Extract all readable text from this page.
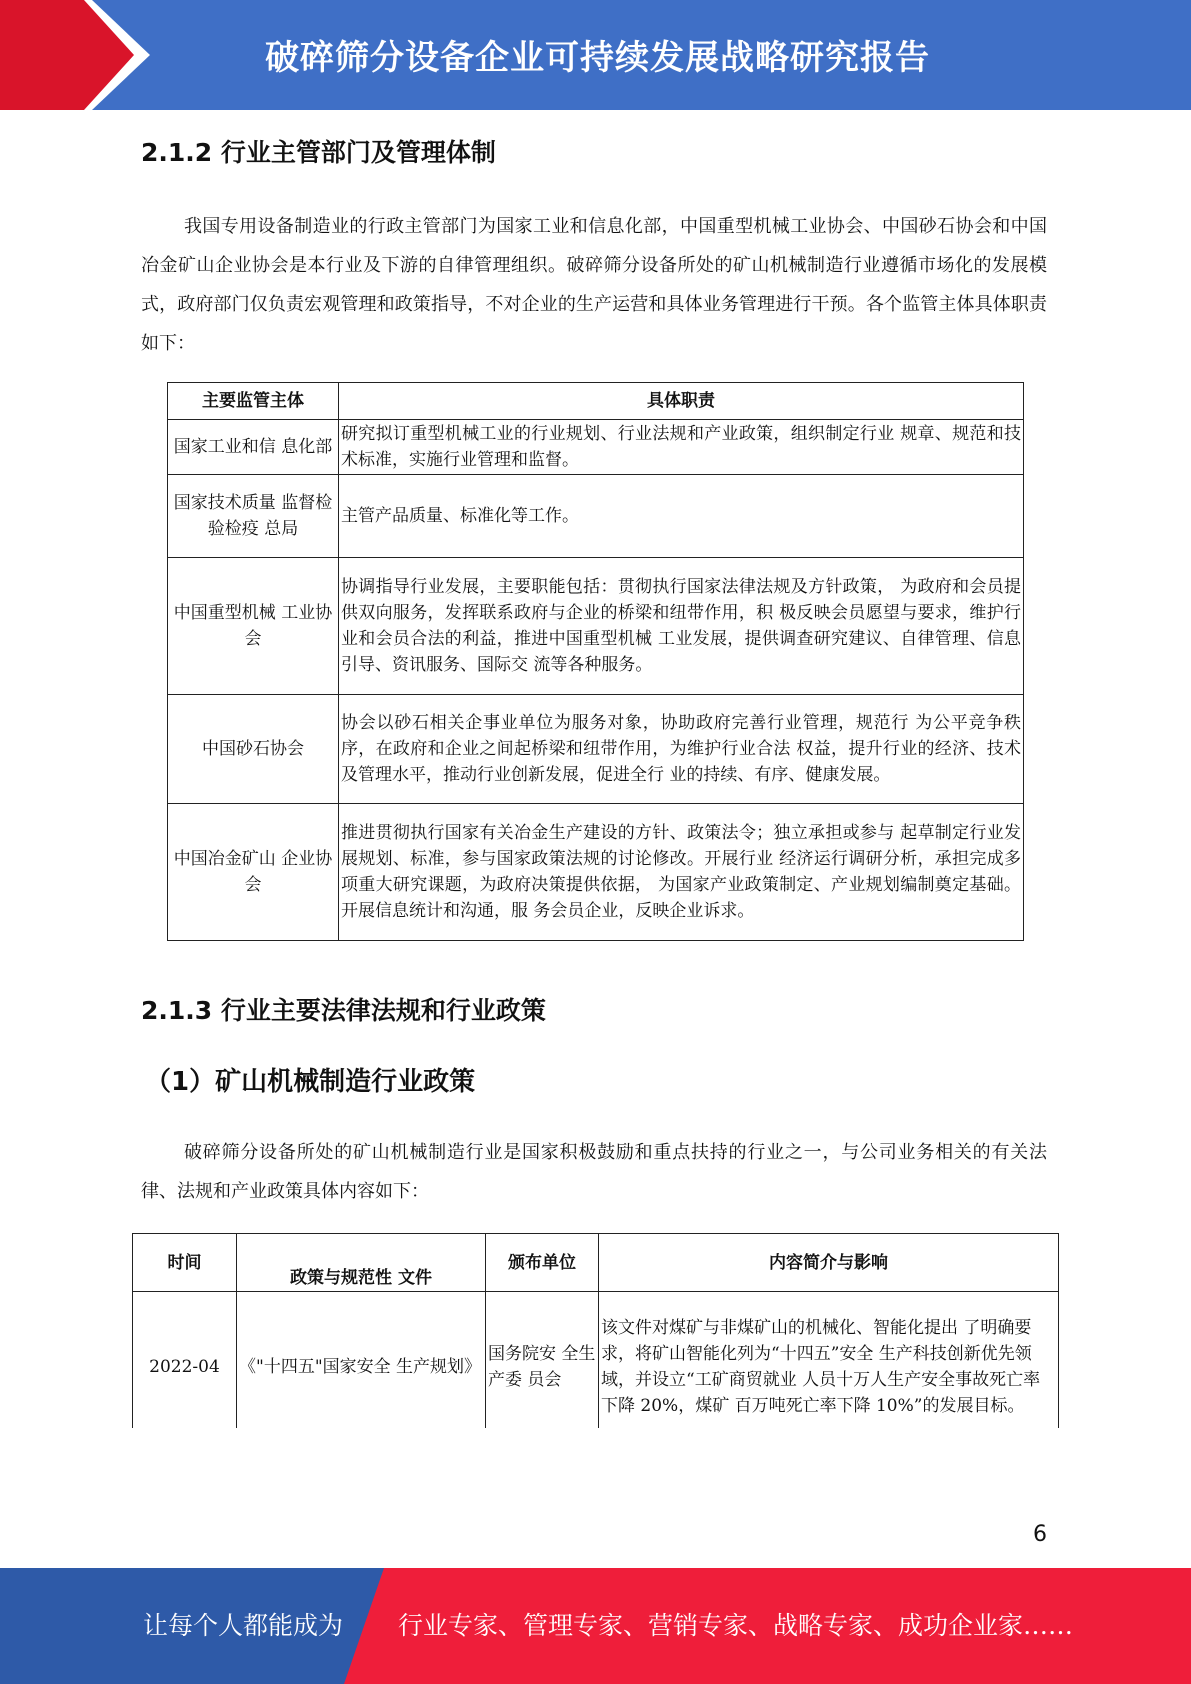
破碎筛分设备企业可持续发展战略研究报告
2.1.2 行业主管部门及管理体制

我国专用设备制造业的行政主管部门为国家工业和信息化部，中国重型机械工业协会、中国砂石协会和中国冶金矿山企业协会是本行业及下游的自律管理组织。破碎筛分设备所处的矿山机械制造行业遵循市场化的发展模式，政府部门仅负责宏观管理和政策指导，不对企业的生产运营和具体业务管理进行干预。各个监管主体具体职责如下：

主要监管主体	具体职责
国家工业和信 息化部	研究拟订重型机械工业的行业规划、行业法规和产业政策，组织制定行业 规章、规范和技术标准，实施行业管理和监督。
国家技术质量 监督检验检疫 总局	主管产品质量、标准化等工作。
中国重型机械 工业协会	协调指导行业发展，主要职能包括：贯彻执行国家法律法规及方针政策， 为政府和会员提供双向服务，发挥联系政府与企业的桥梁和纽带作用，积 极反映会员愿望与要求，维护行业和会员合法的利益，推进中国重型机械 工业发展，提供调查研究建议、自律管理、信息引导、资讯服务、国际交 流等各种服务。
中国砂石协会	协会以砂石相关企事业单位为服务对象，协助政府完善行业管理，规范行 为公平竞争秩序，在政府和企业之间起桥梁和纽带作用，为维护行业合法 权益，提升行业的经济、技术及管理水平，推动行业创新发展，促进全行 业的持续、有序、健康发展。
中国冶金矿山 企业协会	推进贯彻执行国家有关冶金生产建设的方针、政策法令；独立承担或参与 起草制定行业发展规划、标准，参与国家政策法规的讨论修改。开展行业 经济运行调研分析，承担完成多项重大研究课题，为政府决策提供依据， 为国家产业政策制定、产业规划编制奠定基础。开展信息统计和沟通，服 务会员企业，反映企业诉求。
2.1.3 行业主要法律法规和行业政策
（1）矿山机械制造行业政策

破碎筛分设备所处的矿山机械制造行业是国家积极鼓励和重点扶持的行业之一，与公司业务相关的有关法律、法规和产业政策具体内容如下：

时间	政策与规范性 文件	颁布单位	内容简介与影响
2022-04	《"十四五"国家安全 生产规划》	国务院安 全生产委 员会	该文件对煤矿与非煤矿山的机械化、智能化提出 了明确要求，将矿山智能化列为“十四五”安全 生产科技创新优先领域，并设立“工矿商贸就业 人员十万人生产安全事故死亡率下降 20%，煤矿 百万吨死亡率下降 10%”的发展目标。
6
让每个人都能成为 行业专家、管理专家、营销专家、战略专家、成功企业家……
